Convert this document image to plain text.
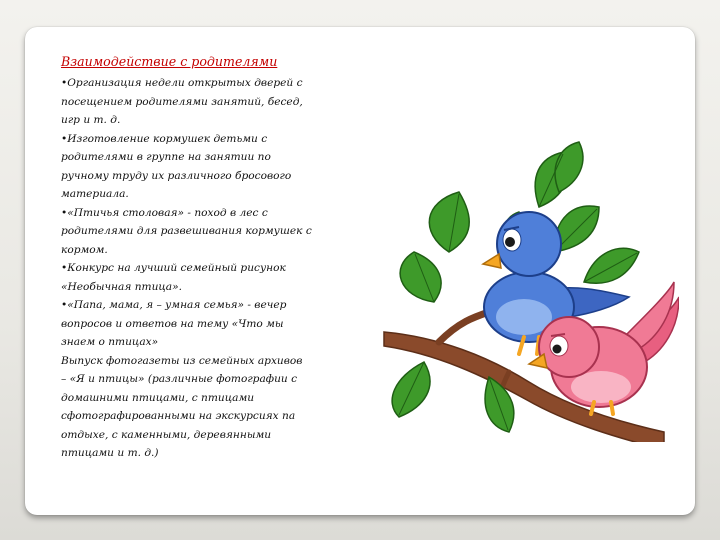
Взаимодействие с родителями

•Организация недели открытых дверей с
посещением родителями занятий, бесед,
игр и т. д.

•Изготовление кормушек детьми с
родителями в группе на занятии по
ручному труду их различного бросового
материала.

•«Птичья столовая» - поход в лес с
родителями для развешивания кормушек с
кормом.

•Конкурс на лучший семейный рисунок
«Необычная птица».

•«Папа, мама, я – умная семья» - вечер
вопросов и ответов на тему «Что мы
знаем о птицах»

Выпуск фотогазеты из семейных архивов
– «Я и птицы» (различные фотографии с
домашними птицами, с птицами
сфотографированными на экскурсиях па
отдыхе, с каменными, деревянными
птицами и т. д.)
